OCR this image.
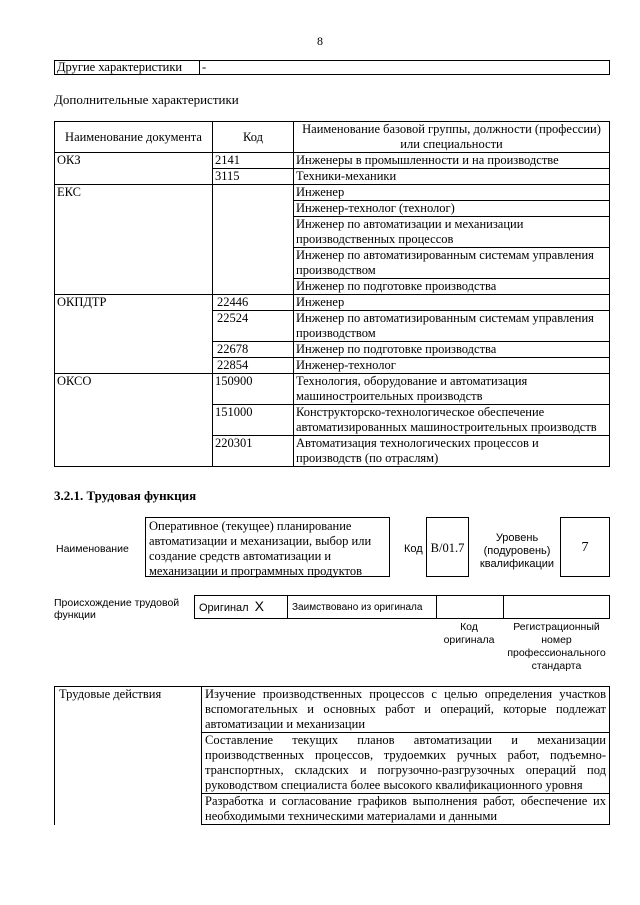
8
Другие характеристики	-
Дополнительные характеристики
Наименование документа	Код	Наименование базовой группы, должности (профессии) или специальности
ОКЗ	2141	Инженеры в промышленности и на производстве
	3115	Техники-механики
ЕКС		Инженер
		Инженер-технолог (технолог)
		Инженер по автоматизации и механизации производственных процессов
		Инженер по автоматизированным системам управления производством
		Инженер по подготовке производства
ОКПДТР	22446	Инженер
	22524	Инженер по автоматизированным системам управления производством
	22678	Инженер по подготовке производства
	22854	Инженер-технолог
ОКСО	150900	Технология, оборудование и автоматизация машиностроительных производств
	151000	Конструкторско-технологическое обеспечение автоматизированных машиностроительных производств
	220301	Автоматизация технологических процессов и производств (по отраслям)
3.2.1. Трудовая функция
Наименование
Оперативное (текущее) планирование автоматизации и механизации, выбор или создание средств автоматизации и механизации и программных продуктов
Код B/01.7
Уровень (подуровень) квалификации
7
Происхождение трудовой функции
Оригинал X	Заимствовано из оригинала		
Код оригинала
Регистрационный номер профессионального стандарта
Трудовые действия	Изучение производственных процессов с целью определения участков вспомогательных и основных работ и операций, которые подлежат автоматизации и механизации
Составление текущих планов автоматизации и механизации производственных процессов, трудоемких ручных работ, подъемно-транспортных, складских и погрузочно-разгрузочных операций под руководством специалиста более высокого квалификационного уровня
Разработка и согласование графиков выполнения работ, обеспечение их необходимыми техническими материалами и данными
